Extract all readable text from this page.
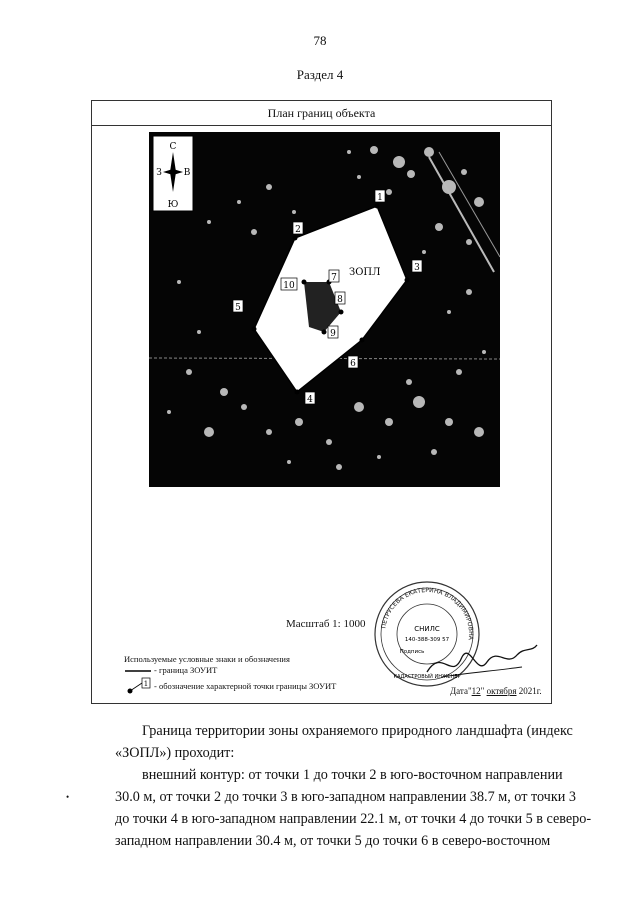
78
Раздел 4
План границ объекта
С
Ю
З В
1
2
3
4
5
6
7
8
9
10
ЗОПЛ
Масштаб 1: 1000
Используемые условные знаки и обозначения
- граница ЗОУИТ
1 - обозначение характерной точки границы ЗОУИТ
ПЕТРУСЕВА ЕКАТЕРИНА ВЛАДИМИРОВНА
СНИЛС
140-388-309 57
Подпись
КАДАСТРОВЫЙ ИНЖЕНЕР
Дата"12" октября 2021г.
Граница территории зоны охраняемого природного ландшафта (индекс
«ЗОПЛ») проходит:
внешний контур: от точки 1 до точки 2 в юго-восточном направлении
30.0 м, от точки 2 до точки 3 в юго-западном направлении 38.7 м, от точки 3
до точки 4 в юго-западном направлении 22.1 м, от точки 4 до точки 5 в северо-
западном направлении 30.4 м, от точки 5 до точки 6 в северо-восточном
•
